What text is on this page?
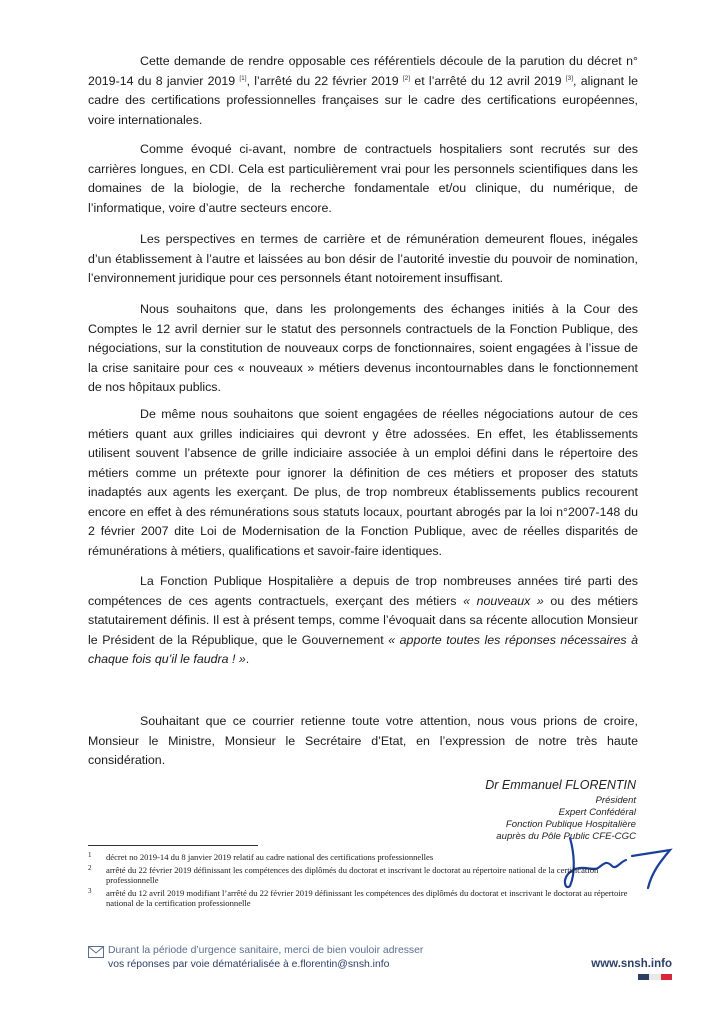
Cette demande de rendre opposable ces référentiels découle de la parution du décret n° 2019-14 du 8 janvier 2019 [1], l’arrêté du 22 février 2019 [2] et l’arrêté du 12 avril 2019 [3], alignant le cadre des certifications professionnelles françaises sur le cadre des certifications européennes, voire internationales.

Comme évoqué ci-avant, nombre de contractuels hospitaliers sont recrutés sur des carrières longues, en CDI. Cela est particulièrement vrai pour les personnels scientifiques dans les domaines de la biologie, de la recherche fondamentale et/ou clinique, du numérique, de l’informatique, voire d’autre secteurs encore.

Les perspectives en termes de carrière et de rémunération demeurent floues, inégales d’un établissement à l’autre et laissées au bon désir de l’autorité investie du pouvoir de nomination, l’environnement juridique pour ces personnels étant notoirement insuffisant.

Nous souhaitons que, dans les prolongements des échanges initiés à la Cour des Comptes le 12 avril dernier sur le statut des personnels contractuels de la Fonction Publique, des négociations, sur la constitution de nouveaux corps de fonctionnaires, soient engagées à l’issue de la crise sanitaire pour ces « nouveaux » métiers devenus incontournables dans le fonctionnement de nos hôpitaux publics.

De même nous souhaitons que soient engagées de réelles négociations autour de ces métiers quant aux grilles indiciaires qui devront y être adossées. En effet, les établissements utilisent souvent l’absence de grille indiciaire associée à un emploi défini dans le répertoire des métiers comme un prétexte pour ignorer la définition de ces métiers et proposer des statuts inadaptés aux agents les exerçant. De plus, de trop nombreux établissements publics recourent encore en effet à des rémunérations sous statuts locaux, pourtant abrogés par la loi n°2007-148 du 2 février 2007 dite Loi de Modernisation de la Fonction Publique, avec de réelles disparités de rémunérations à métiers, qualifications et savoir-faire identiques.

La Fonction Publique Hospitalière a depuis de trop nombreuses années tiré parti des compétences de ces agents contractuels, exerçant des métiers « nouveaux » ou des métiers statutairement définis. Il est à présent temps, comme l’évoquait dans sa récente allocution Monsieur le Président de la République, que le Gouvernement « apporte toutes les réponses nécessaires à chaque fois qu’il le faudra ! ».

Souhaitant que ce courrier retienne toute votre attention, nous vous prions de croire, Monsieur le Ministre, Monsieur le Secrétaire d’Etat, en l’expression de notre très haute considération.

Dr Emmanuel FLORENTIN
Président
Expert Confédéral
Fonction Publique Hospitalière
auprès du Pôle Public CFE-CGC
1	décret no 2019-14 du 8 janvier 2019 relatif au cadre national des certifications professionnelles
2	arrêté du 22 février 2019 définissant les compétences des diplômés du doctorat et inscrivant le doctorat au répertoire national de la certification professionnelle
3	arrêté du 12 avril 2019 modifiant l’arrêté du 22 février 2019 définissant les compétences des diplômés du doctorat et inscrivant le doctorat au répertoire national de la certification professionnelle
Durant la période d’urgence sanitaire, merci de bien vouloir adresser
vos réponses par voie dématérialisée à e.florentin@snsh.info	www.snsh.info
